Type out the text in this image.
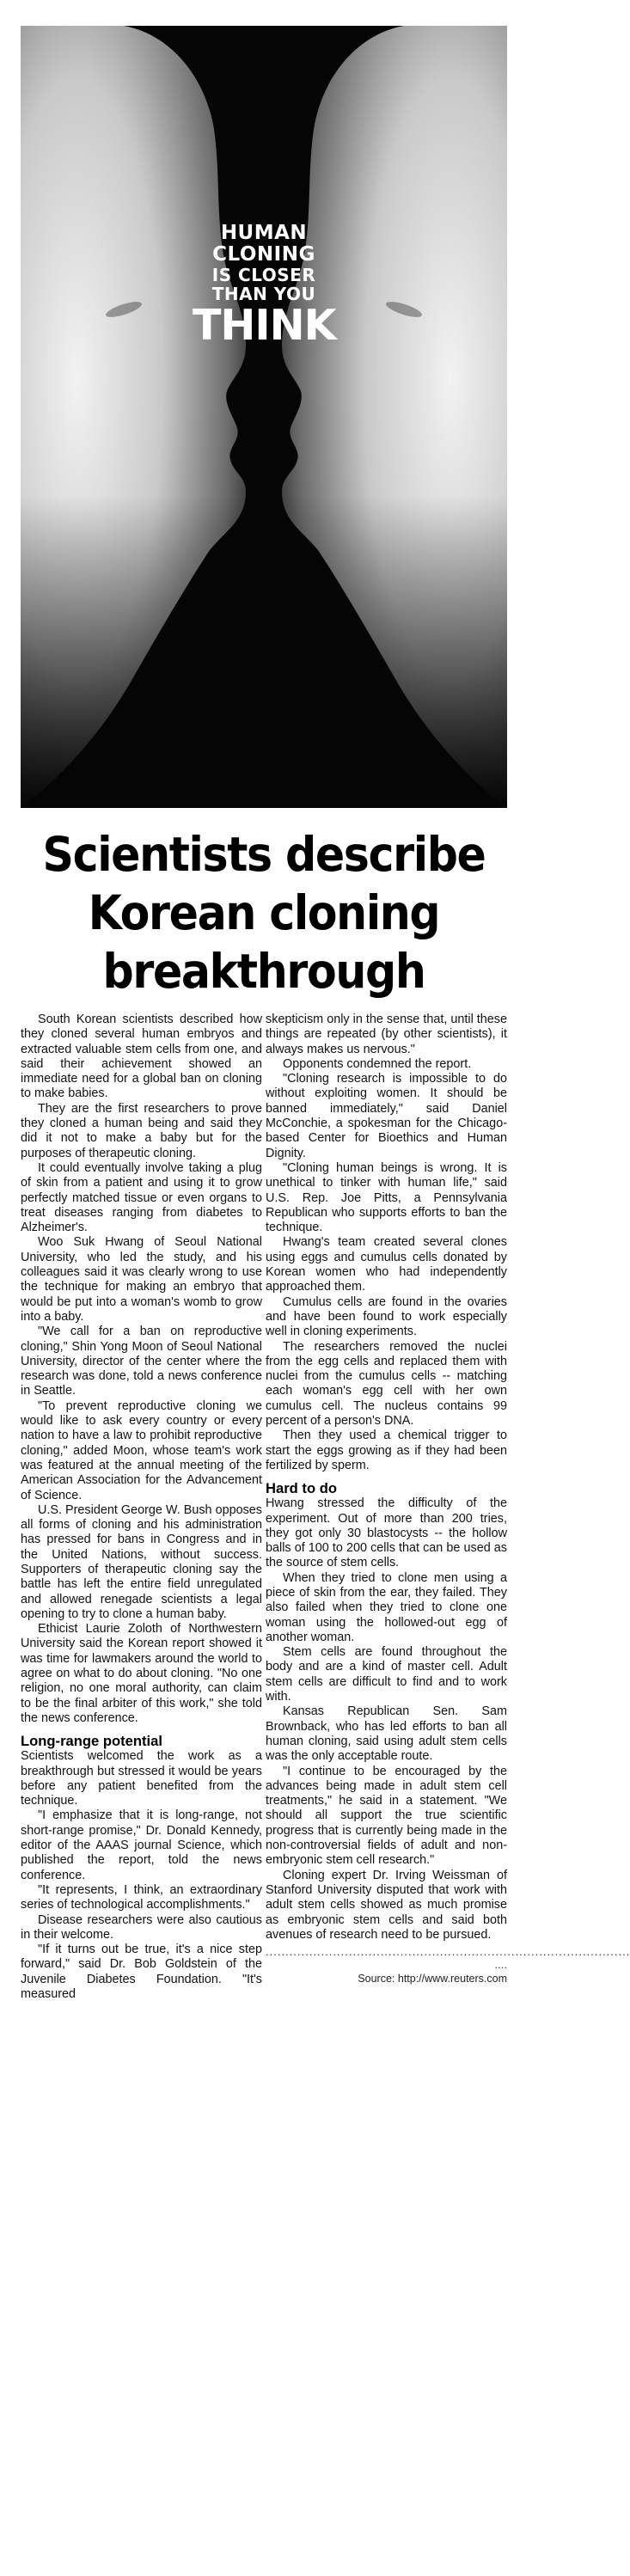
HUMAN
CLONING
IS CLOSER
THAN YOU
THINK
Scientists describe
Korean cloning
breakthrough

South Korean scientists described how they cloned several human embryos and extracted valuable stem cells from one, and said their achievement showed an immediate need for a global ban on cloning to make babies.

They are the first researchers to prove they cloned a human being and said they did it not to make a baby but for the purposes of therapeutic cloning.

It could eventually involve taking a plug of skin from a patient and using it to grow perfectly matched tissue or even organs to treat diseases ranging from diabetes to Alzheimer's.

Woo Suk Hwang of Seoul National University, who led the study, and his colleagues said it was clearly wrong to use the technique for making an embryo that would be put into a woman's womb to grow into a baby.

"We call for a ban on reproductive cloning," Shin Yong Moon of Seoul National University, director of the center where the research was done, told a news conference in Seattle.

"To prevent reproductive cloning we would like to ask every country or every nation to have a law to prohibit reproductive cloning," added Moon, whose team's work was featured at the annual meeting of the American Association for the Advancement of Science.

U.S. President George W. Bush opposes all forms of cloning and his administration has pressed for bans in Congress and in the United Nations, without success. Supporters of therapeutic cloning say the battle has left the entire field unregulated and allowed renegade scientists a legal opening to try to clone a human baby.

Ethicist Laurie Zoloth of Northwestern University said the Korean report showed it was time for lawmakers around the world to agree on what to do about cloning. "No one religion, no one moral authority, can claim to be the final arbiter of this work," she told the news conference.

Long-range potential

Scientists welcomed the work as a breakthrough but stressed it would be years before any patient benefited from the technique.

"I emphasize that it is long-range, not short-range promise," Dr. Donald Kennedy, editor of the AAAS journal Science, which published the report, told the news conference.

"It represents, I think, an extraordinary series of technological accomplishments."

Disease researchers were also cautious in their welcome.

"If it turns out be true, it's a nice step forward," said Dr. Bob Goldstein of the Juvenile Diabetes Foundation. "It's measured

skepticism only in the sense that, until these things are repeated (by other scientists), it always makes us nervous."

Opponents condemned the report.

"Cloning research is impossible to do without exploiting women. It should be banned immediately," said Daniel McConchie, a spokesman for the Chicago-based Center for Bioethics and Human Dignity.

"Cloning human beings is wrong. It is unethical to tinker with human life," said U.S. Rep. Joe Pitts, a Pennsylvania Republican who supports efforts to ban the technique.

Hwang's team created several clones using eggs and cumulus cells donated by Korean women who had independently approached them.

Cumulus cells are found in the ovaries and have been found to work especially well in cloning experiments.

The researchers removed the nuclei from the egg cells and replaced them with nuclei from the cumulus cells -- matching each woman's egg cell with her own cumulus cell. The nucleus contains 99 percent of a person's DNA.

Then they used a chemical trigger to start the eggs growing as if they had been fertilized by sperm.

Hard to do

Hwang stressed the difficulty of the experiment. Out of more than 200 tries, they got only 30 blastocysts -- the hollow balls of 100 to 200 cells that can be used as the source of stem cells.

When they tried to clone men using a piece of skin from the ear, they failed. They also failed when they tried to clone one woman using the hollowed-out egg of another woman.

Stem cells are found throughout the body and are a kind of master cell. Adult stem cells are difficult to find and to work with.

Kansas Republican Sen. Sam Brownback, who has led efforts to ban all human cloning, said using adult stem cells was the only acceptable route.

"I continue to be encouraged by the advances being made in adult stem cell treatments," he said in a statement. "We should all support the true scientific progress that is currently being made in the non-controversial fields of adult and non-embryonic stem cell research."

Cloning expert Dr. Irving Weissman of Stanford University disputed that work with adult stem cells showed as much promise as embryonic stem cells and said both avenues of research need to be pursued.

............................................................................................
....
Source: http://www.reuters.com
